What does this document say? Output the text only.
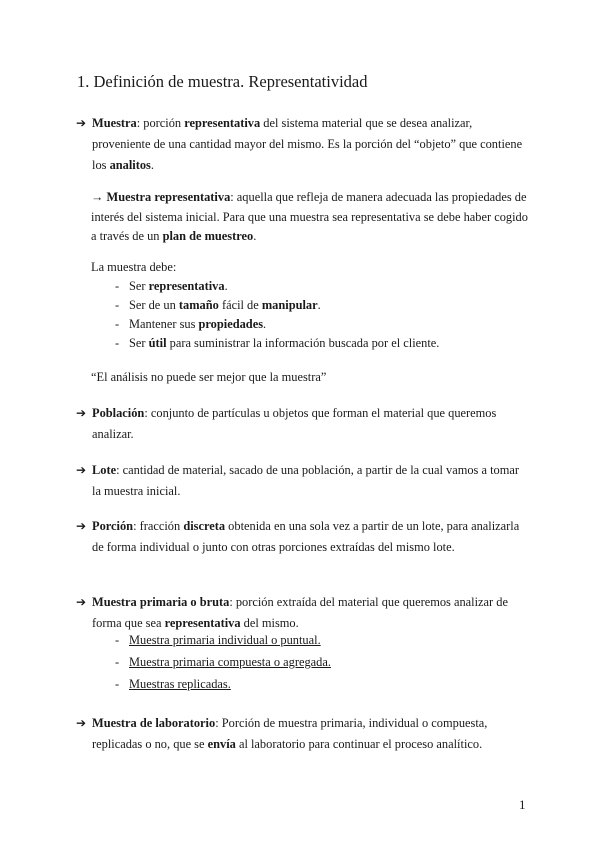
1. Definición de muestra. Representatividad
➔ Muestra: porción representativa del sistema material que se desea analizar, proveniente de una cantidad mayor del mismo. Es la porción del “objeto” que contiene los analitos.
→ Muestra representativa: aquella que refleja de manera adecuada las propiedades de interés del sistema inicial. Para que una muestra sea representativa se debe haber cogido a través de un plan de muestreo.
La muestra debe:
- Ser representativa.
- Ser de un tamaño fácil de manipular.
- Mantener sus propiedades.
- Ser útil para suministrar la información buscada por el cliente.
“El análisis no puede ser mejor que la muestra”
➔ Población: conjunto de partículas u objetos que forman el material que queremos analizar.
➔ Lote: cantidad de material, sacado de una población, a partir de la cual vamos a tomar la muestra inicial.
➔ Porción: fracción discreta obtenida en una sola vez a partir de un lote, para analizarla de forma individual o junto con otras porciones extraídas del mismo lote.
➔ Muestra primaria o bruta: porción extraída del material que queremos analizar de forma que sea representativa del mismo.
- Muestra primaria individual o puntual.
- Muestra primaria compuesta o agregada.
- Muestras replicadas.
➔ Muestra de laboratorio: Porción de muestra primaria, individual o compuesta, replicadas o no, que se envía al laboratorio para continuar el proceso analítico.
1
